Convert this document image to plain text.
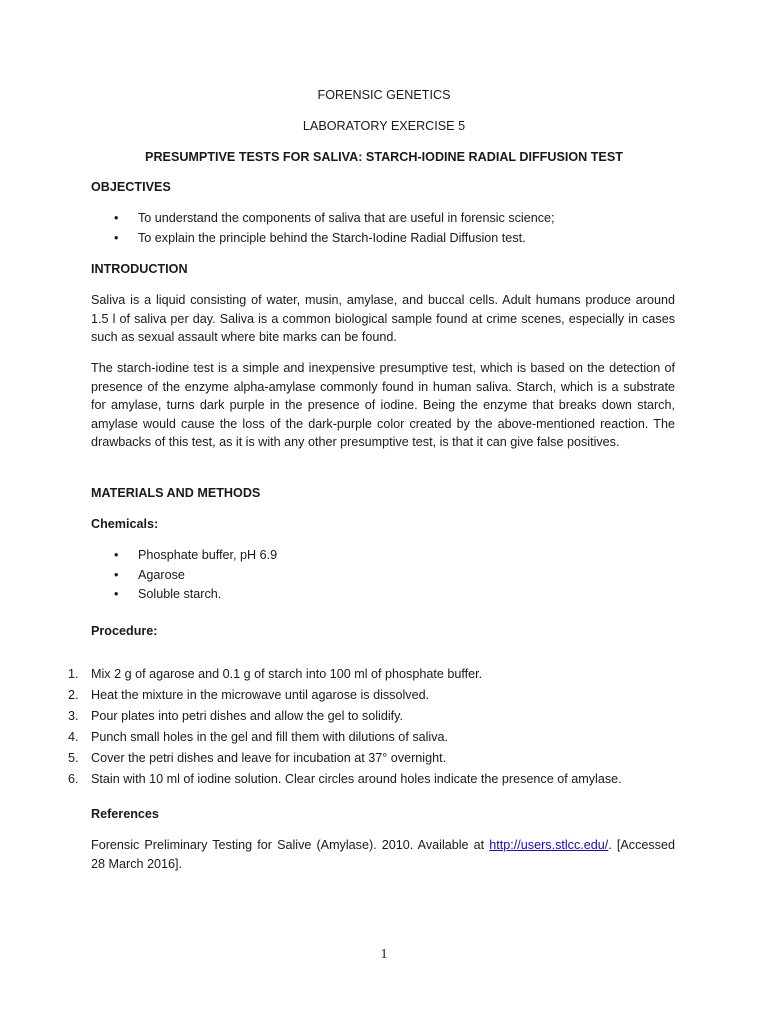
FORENSIC GENETICS
LABORATORY EXERCISE 5
PRESUMPTIVE TESTS FOR SALIVA: STARCH-IODINE RADIAL DIFFUSION TEST
OBJECTIVES
• To understand the components of saliva that are useful in forensic science;
• To explain the principle behind the Starch-Iodine Radial Diffusion test.
INTRODUCTION
Saliva is a liquid consisting of water, musin, amylase, and buccal cells. Adult humans produce around 1.5 l of saliva per day. Saliva is a common biological sample found at crime scenes, especially in cases such as sexual assault where bite marks can be found.
The starch-iodine test is a simple and inexpensive presumptive test, which is based on the detection of presence of the enzyme alpha-amylase commonly found in human saliva. Starch, which is a substrate for amylase, turns dark purple in the presence of iodine. Being the enzyme that breaks down starch, amylase would cause the loss of the dark-purple color created by the above-mentioned reaction. The drawbacks of this test, as it is with any other presumptive test, is that it can give false positives.
MATERIALS AND METHODS
Chemicals:
• Phosphate buffer, pH 6.9
• Agarose
• Soluble starch.
Procedure:
1. Mix 2 g of agarose and 0.1 g of starch into 100 ml of phosphate buffer.
2. Heat the mixture in the microwave until agarose is dissolved.
3. Pour plates into petri dishes and allow the gel to solidify.
4. Punch small holes in the gel and fill them with dilutions of saliva.
5. Cover the petri dishes and leave for incubation at 37° overnight.
6. Stain with 10 ml of iodine solution. Clear circles around holes indicate the presence of amylase.
References
Forensic Preliminary Testing for Salive (Amylase). 2010. Available at http://users.stlcc.edu/. [Accessed 28 March 2016].
1
